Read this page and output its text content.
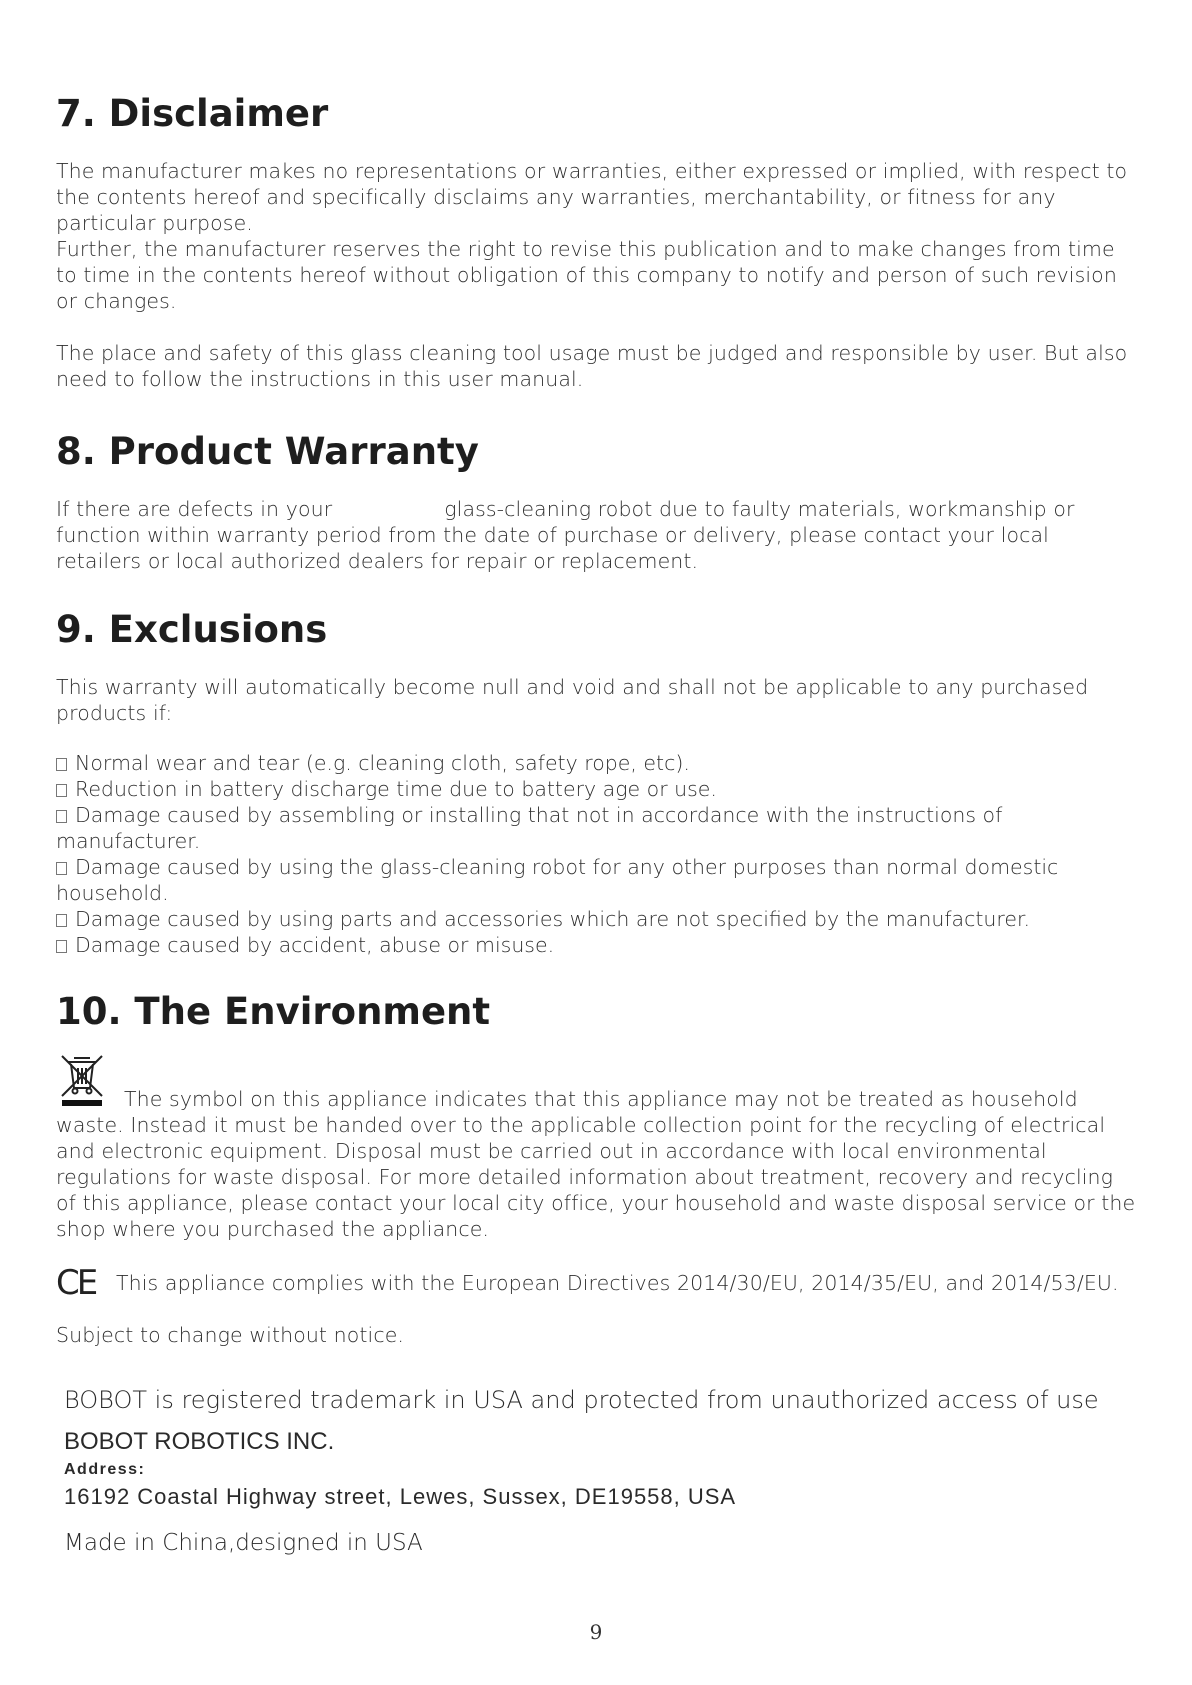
7. Disclaimer

The manufacturer makes no representations or warranties, either expressed or implied, with respect to the contents hereof and specifically disclaims any warranties, merchantability, or fitness for any particular purpose.

Further, the manufacturer reserves the right to revise this publication and to make changes from time to time in the contents hereof without obligation of this company to notify and person of such revision or changes.

The place and safety of this glass cleaning tool usage must be judged and responsible by user. But also need to follow the instructions in this user manual.

8. Product Warranty

If there are defects in your	glass-cleaning robot due to faulty materials, workmanship or function within warranty period from the date of purchase or delivery, please contact your local retailers or local authorized dealers for repair or replacement.

9. Exclusions

This warranty will automatically become null and void and shall not be applicable to any purchased products if:

Normal wear and tear (e.g. cleaning cloth, safety rope, etc).
Reduction in battery discharge time due to battery age or use.
Damage caused by assembling or installing that not in accordance with the instructions of manufacturer.
Damage caused by using the glass-cleaning robot for any other purposes than normal domestic household.
Damage caused by using parts and accessories which are not specified by the manufacturer.
Damage caused by accident, abuse or misuse.
10. The Environment

The symbol on this appliance indicates that this appliance may not be treated as household waste. Instead it must be handed over to the applicable collection point for the recycling of electrical and electronic equipment. Disposal must be carried out in accordance with local environmental regulations for waste disposal. For more detailed information about treatment, recovery and recycling of this appliance, please contact your local city office, your household and waste disposal service or the shop where you purchased the appliance.

CE This appliance complies with the European Directives 2014/30/EU, 2014/35/EU, and 2014/53/EU.

Subject to change without notice.

BOBOT is registered trademark in USA and protected from unauthorized access of use
BOBOT ROBOTICS INC.
Address:
16192 Coastal Highway street, Lewes, Sussex, DE19558, USA
Made in China,designed in USA
9
